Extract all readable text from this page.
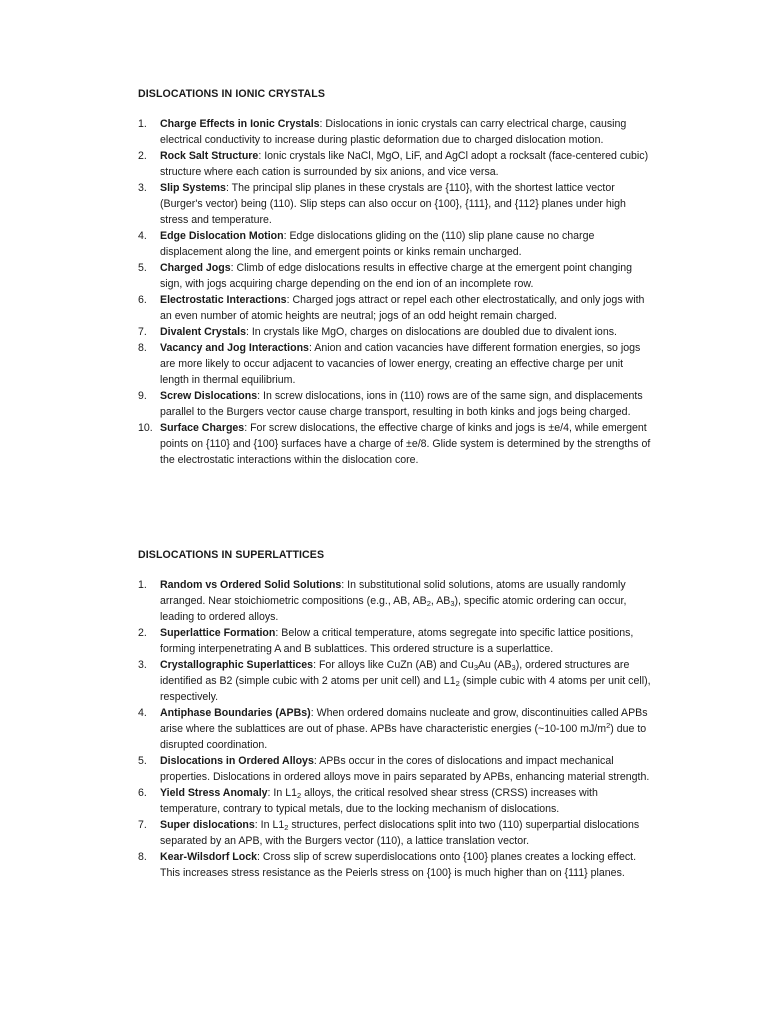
DISLOCATIONS IN IONIC CRYSTALS
1.	Charge Effects in Ionic Crystals: Dislocations in ionic crystals can carry electrical charge, causing electrical conductivity to increase during plastic deformation due to charged dislocation motion.
2.	Rock Salt Structure: Ionic crystals like NaCl, MgO, LiF, and AgCl adopt a rocksalt (face-centered cubic) structure where each cation is surrounded by six anions, and vice versa.
3.	Slip Systems: The principal slip planes in these crystals are {110}, with the shortest lattice vector (Burger's vector) being (110). Slip steps can also occur on {100}, {111}, and {112} planes under high stress and temperature.
4.	Edge Dislocation Motion: Edge dislocations gliding on the (110) slip plane cause no charge displacement along the line, and emergent points or kinks remain uncharged.
5.	Charged Jogs: Climb of edge dislocations results in effective charge at the emergent point changing sign, with jogs acquiring charge depending on the end ion of an incomplete row.
6.	Electrostatic Interactions: Charged jogs attract or repel each other electrostatically, and only jogs with an even number of atomic heights are neutral; jogs of an odd height remain charged.
7.	Divalent Crystals: In crystals like MgO, charges on dislocations are doubled due to divalent ions.
8.	Vacancy and Jog Interactions: Anion and cation vacancies have different formation energies, so jogs are more likely to occur adjacent to vacancies of lower energy, creating an effective charge per unit length in thermal equilibrium.
9.	Screw Dislocations: In screw dislocations, ions in (110) rows are of the same sign, and displacements parallel to the Burgers vector cause charge transport, resulting in both kinks and jogs being charged.
10. Surface Charges: For screw dislocations, the effective charge of kinks and jogs is ±e/4, while emergent points on {110} and {100} surfaces have a charge of ±e/8. Glide system is determined by the strengths of the electrostatic interactions within the dislocation core.
DISLOCATIONS IN SUPERLATTICES
1.	Random vs Ordered Solid Solutions: In substitutional solid solutions, atoms are usually randomly arranged. Near stoichiometric compositions (e.g., AB, $AB_2$, $AB_3$), specific atomic ordering can occur, leading to ordered alloys.
2.	Superlattice Formation: Below a critical temperature, atoms segregate into specific lattice positions, forming interpenetrating A and B sublattices. This ordered structure is a superlattice.
3.	Crystallographic Superlattices: For alloys like CuZn (AB) and $Cu_3Au$ $(AB_3)$, ordered structures are identified as B2 (simple cubic with 2 atoms per unit cell) and $L1_2$ (simple cubic with 4 atoms per unit cell), respectively.
4.	Antiphase Boundaries (APBs): When ordered domains nucleate and grow, discontinuities called APBs arise where the sublattices are out of phase. APBs have characteristic energies (~10-100 $mJ/m^2$) due to disrupted coordination.
5.	Dislocations in Ordered Alloys: APBs occur in the cores of dislocations and impact mechanical properties. Dislocations in ordered alloys move in pairs separated by APBs, enhancing material strength.
6.	Yield Stress Anomaly: In $L1_2$ alloys, the critical resolved shear stress (CRSS) increases with temperature, contrary to typical metals, due to the locking mechanism of dislocations.
7.	Super dislocations: In $L1_2$ structures, perfect dislocations split into two (110) superpartial dislocations separated by an APB, with the Burgers vector (110), a lattice translation vector.
8.	Kear-Wilsdorf Lock: Cross slip of screw superdislocations onto {100} planes creates a locking effect. This increases stress resistance as the Peierls stress on {100} is much higher than on {111} planes.
